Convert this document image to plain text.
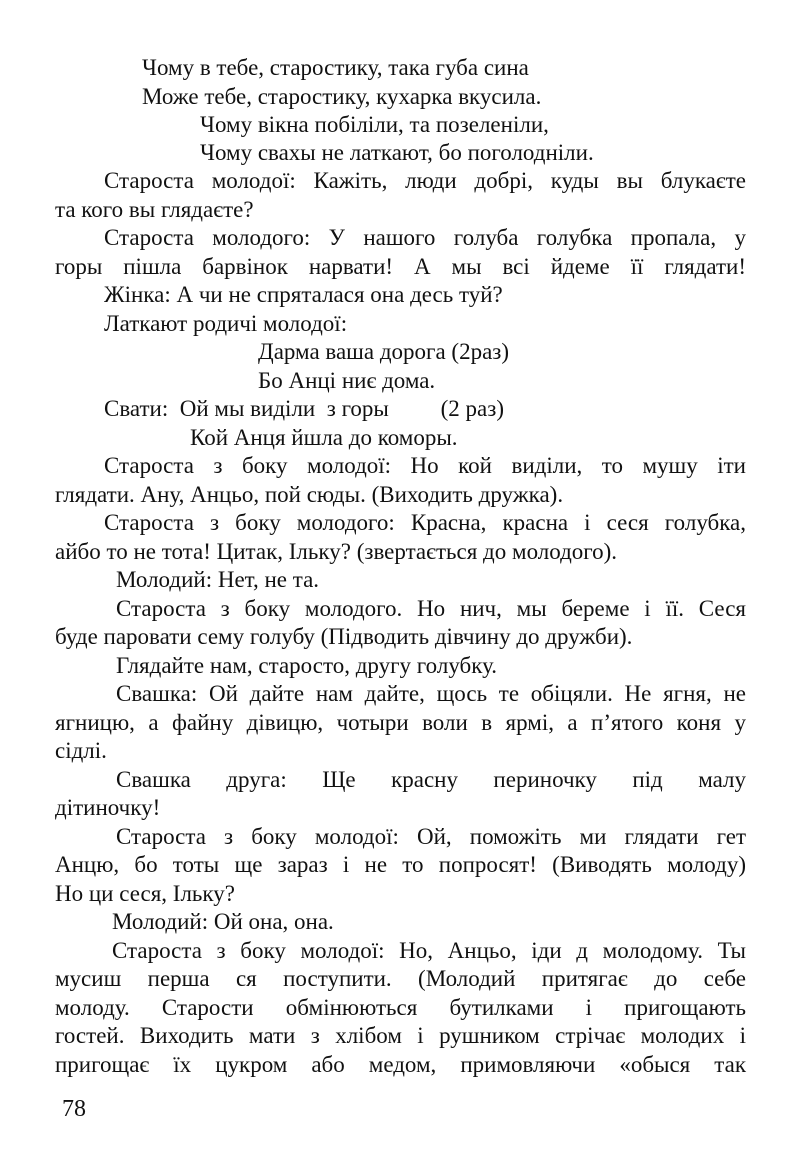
Чому в тебе, старостику, така губа сина

Може тебе, старостику, кухарка вкусила.

Чому вікна побіліли, та позеленіли,

Чому свахы не латкают, бо поголодніли.

Староста молодої: Кажіть, люди добрі, куды вы блукаєте

та кого вы глядаєте?

Староста молодого: У нашого голуба голубка пропала, у

горы пішла барвінок нарвати! А мы всі йдеме її глядати!

Жінка: А чи не спряталася она десь туй?

Латкают родичі молодої:

Дарма ваша дорога (2раз)

Бо Анці ниє дома.

Свати:  Ой мы виділи  з горы         (2 раз)

Кой Анця йшла до коморы.

Староста з боку молодої: Но кой виділи, то мушу іти

глядати. Ану, Анцьо, пой сюды. (Виходить дружка).

Староста з боку молодого: Красна, красна і сеся голубка,

айбо то не тота! Цитак, Ільку? (звертається до молодого).

Молодий: Нет, не та.

Староста з боку молодого. Но нич, мы береме і її. Сеся

буде паровати сему голубу (Підводить дівчину до дружби).

Глядайте нам, старосто, другу голубку.

Свашка: Ой дайте нам дайте, щось те обіцяли. Не ягня, не

ягницю, а файну дівицю, чотыри воли в ярмі, а п’ятого коня у

сідлі.

Свашка друга: Ще красну периночку під малу

дітиночку!

Староста з боку молодої: Ой, поможіть ми глядати гет

Анцю, бо тоты ще зараз і не то попросят! (Виводять молоду)

Но ци сеся, Ільку?

Молодий: Ой она, она.

Староста з боку молодої: Но, Анцьо, іди д молодому. Ты

мусиш перша ся поступити. (Молодий притягає до себе

молоду. Старости обмінюються бутилками і пригощають

гостей. Виходить мати з хлібом і рушником стрічає молодих і

пригощає їх цукром або медом, примовляючи «обыся так

78
